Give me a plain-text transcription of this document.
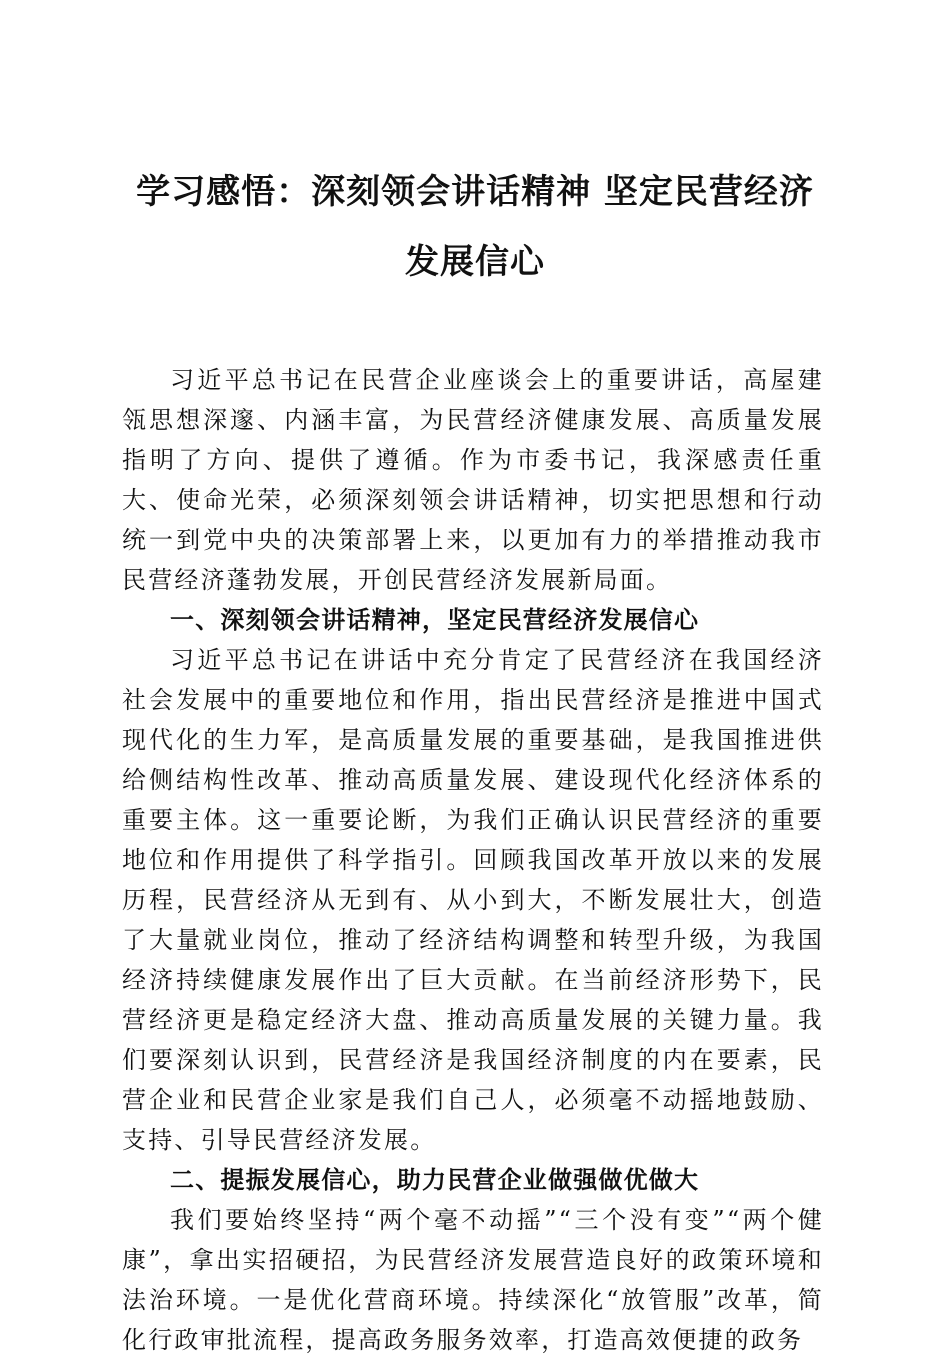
学习感悟：深刻领会讲话精神 坚定民营经济
发展信心

习近平总书记在民营企业座谈会上的重要讲话，高屋建瓴思想深邃、内涵丰富，为民营经济健康发展、高质量发展指明了方向、提供了遵循。作为市委书记，我深感责任重大、使命光荣，必须深刻领会讲话精神，切实把思想和行动统一到党中央的决策部署上来，以更加有力的举措推动我市民营经济蓬勃发展，开创民营经济发展新局面。

一、深刻领会讲话精神，坚定民营经济发展信心

习近平总书记在讲话中充分肯定了民营经济在我国经济社会发展中的重要地位和作用，指出民营经济是推进中国式现代化的生力军，是高质量发展的重要基础，是我国推进供给侧结构性改革、推动高质量发展、建设现代化经济体系的重要主体。这一重要论断，为我们正确认识民营经济的重要地位和作用提供了科学指引。回顾我国改革开放以来的发展历程，民营经济从无到有、从小到大，不断发展壮大，创造了大量就业岗位，推动了经济结构调整和转型升级，为我国经济持续健康发展作出了巨大贡献。在当前经济形势下，民营经济更是稳定经济大盘、推动高质量发展的关键力量。我们要深刻认识到，民营经济是我国经济制度的内在要素，民营企业和民营企业家是我们自己人，必须毫不动摇地鼓励、支持、引导民营经济发展。

二、提振发展信心，助力民营企业做强做优做大

我们要始终坚持“两个毫不动摇”“三个没有变”“两个健康”，拿出实招硬招，为民营经济发展营造良好的政策环境和法治环境。一是优化营商环境。持续深化“放管服”改革，简化行政审批流程，提高政务服务效率，打造高效便捷的政务
